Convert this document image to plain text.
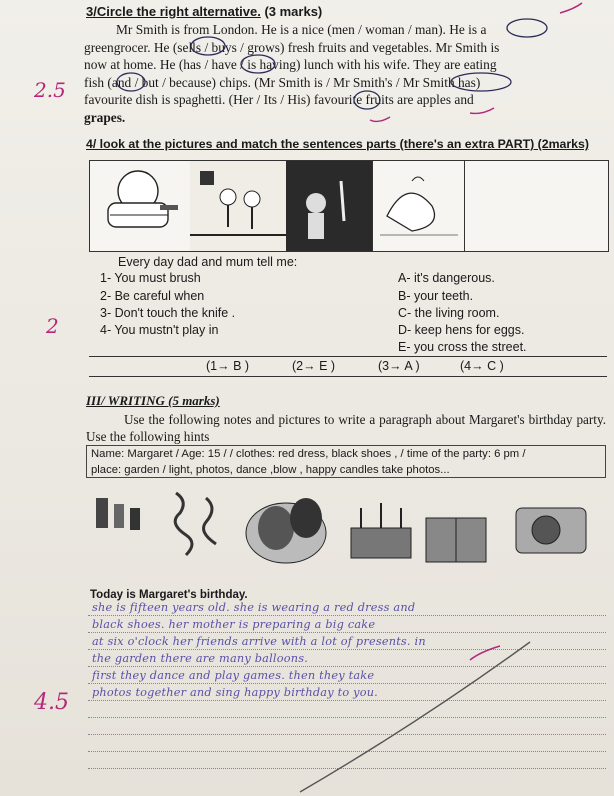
3/Circle the right alternative. (3 marks)
Mr Smith is from London. He is a nice (men / woman / man). He is a
greengrocer. He (sells / buys / grows) fresh fruits and vegetables. Mr Smith is
now at home. He (has / have / is having) lunch with his wife. They are eating
fish (and / but / because) chips. (Mr Smith is / Mr Smith's / Mr Smith has)
favourite dish is spaghetti. (Her / Its / His) favourite fruits are apples and
grapes.
2.5
4/ look at the pictures and match the sentences parts (there's an extra PART) (2marks)
Every day dad and mum tell me:
1- You must brush
2- Be careful when
3- Don't touch the knife .
4- You mustn't play in
A- it's dangerous.
B- your teeth.
C- the living room.
D- keep hens for eggs.
E- you cross the street.
(1→ B )	(2→ E )	(3→ A )	(4→ C )
2
III/ WRITING (5 marks)
Use the following notes and pictures to write a paragraph about Margaret's birthday party. Use the following hints
Name: Margaret / Age: 15 / / clothes: red dress, black shoes , / time of the party: 6 pm /
place: garden / light, photos, dance ,blow , happy candles take photos...
Today is Margaret's birthday.
she is fifteen years old. she is wearing a red dress and
black shoes. her mother is preparing a big cake
at six o'clock her friends arrive with a lot of presents. in
the garden there are many balloons.
first they dance and play games. then they take
photos together and sing happy birthday to you.
4.5
